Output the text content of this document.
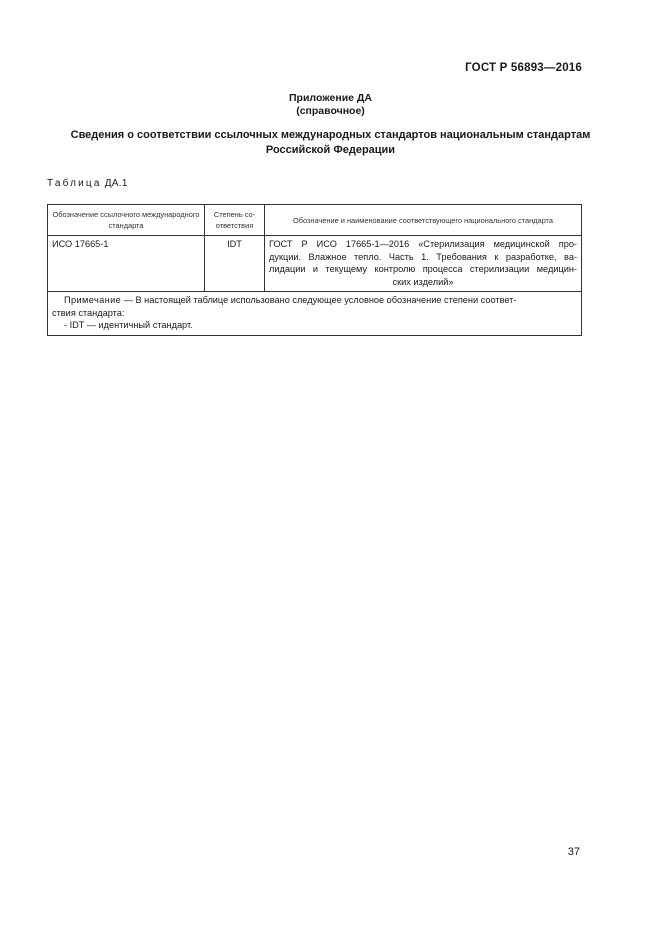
ГОСТ Р 56893—2016
Приложение ДА
(справочное)
Сведения о соответствии ссылочных международных стандартов национальным стандартам
Российской Федерации
Таблица ДА.1
Обозначение ссылочного международного стандарта	Степень со-ответствия	Обозначение и наименование соответствующего национального стандарта
ИСО 17665-1	IDT	ГОСТ Р ИСО 17665-1—2016 «Стерилизация медицинской про-
дукции. Влажное тепло. Часть 1. Требования к разработке, ва-
лидации и текущему контролю процесса стерилизации медицин-
ских изделий»

Примечание — В настоящей таблице использовано следующее условное обозначение степени соответ-
ствия стандарта:
- IDT — идентичный стандарт.		
37
